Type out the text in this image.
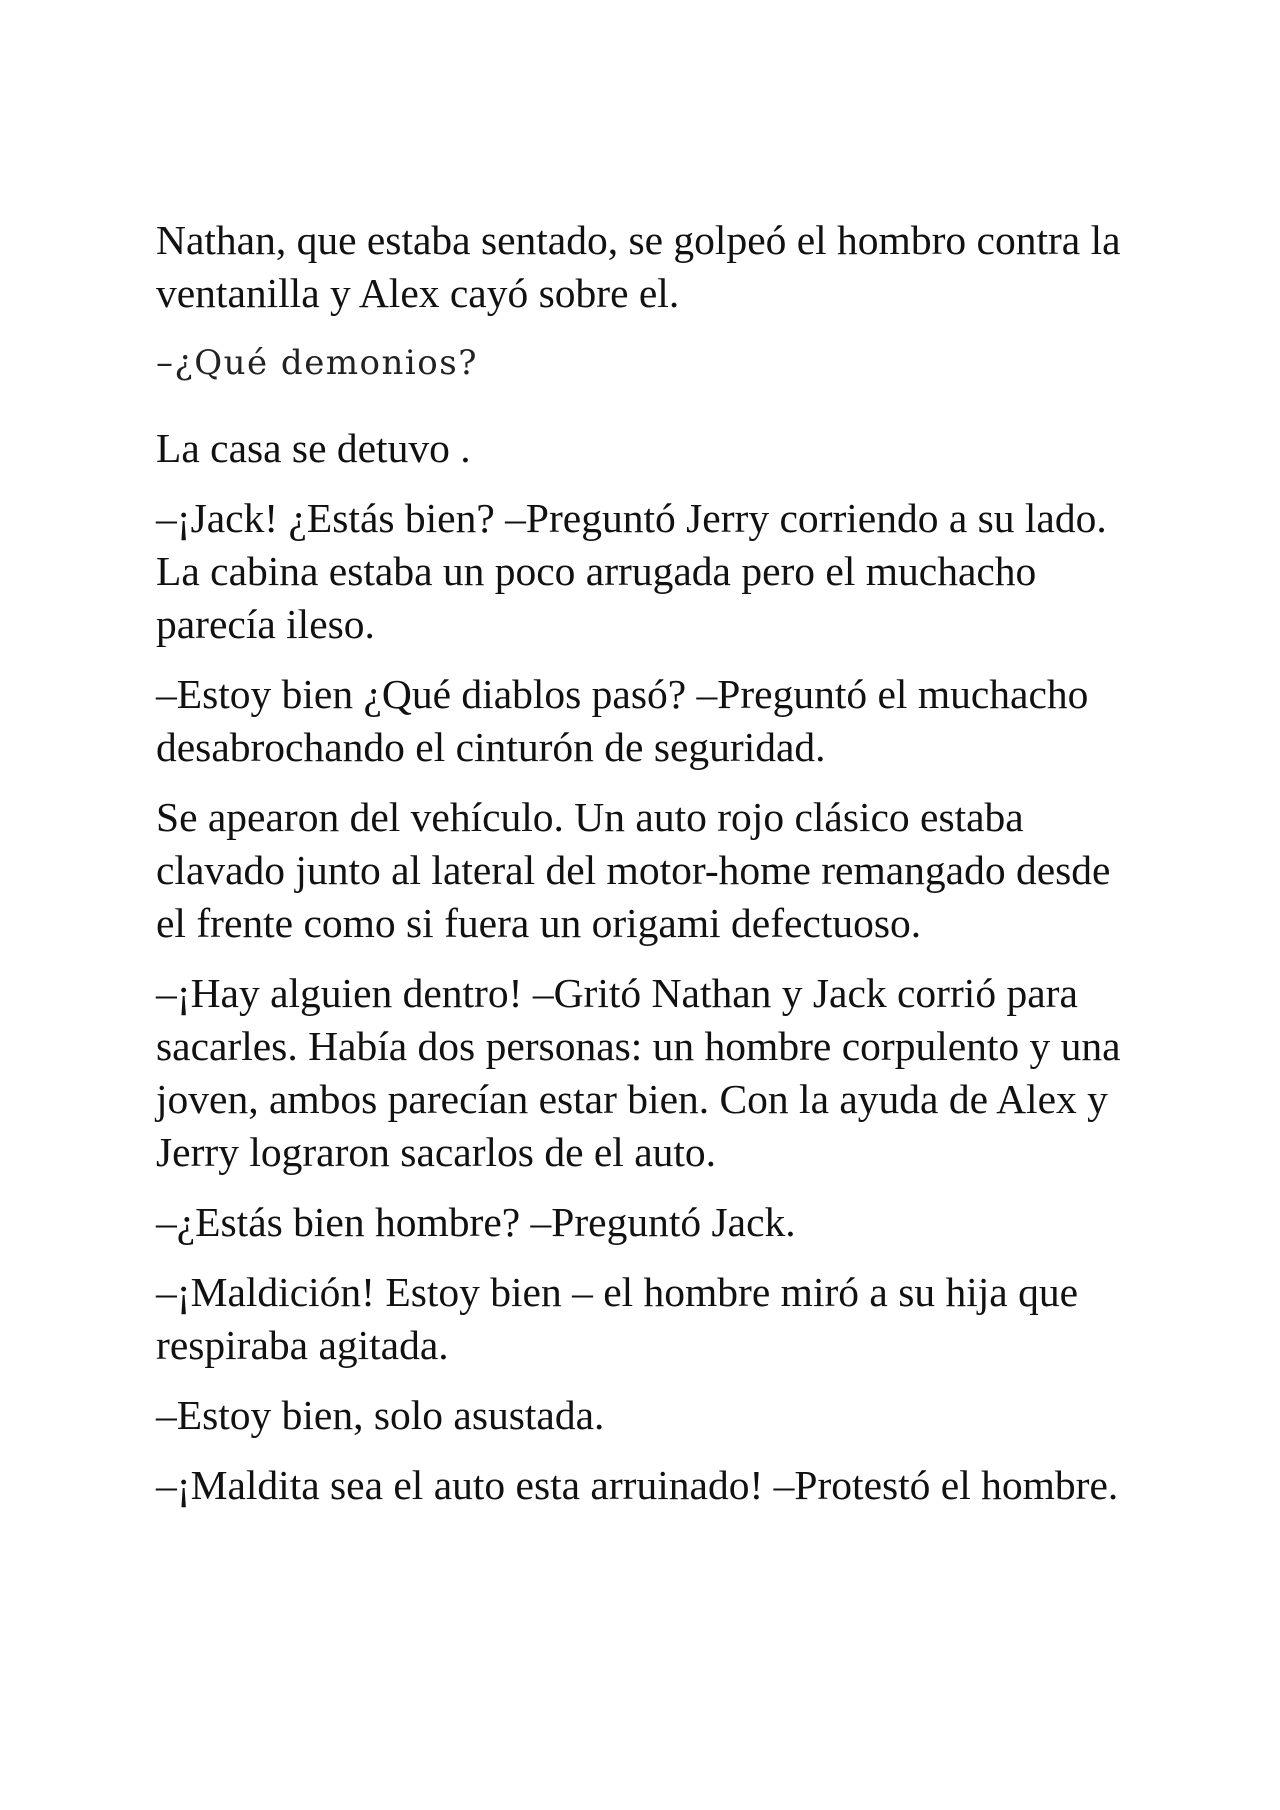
Nathan, que estaba sentado, se golpeó el hombro contra la ventanilla y Alex cayó sobre el.

–¿Qué demonios?

La casa se detuvo .

–¡Jack! ¿Estás bien? –Preguntó Jerry corriendo a su lado. La cabina estaba un poco arrugada pero el muchacho parecía ileso.

–Estoy bien ¿Qué diablos pasó? –Preguntó el muchacho desabrochando el cinturón de seguridad.

Se apearon del vehículo. Un auto rojo clásico estaba clavado junto al lateral del motor-home remangado desde el frente como si fuera un origami defectuoso.

–¡Hay alguien dentro! –Gritó Nathan y Jack corrió para sacarles. Había dos personas: un hombre corpulento y una joven, ambos parecían estar bien. Con la ayuda de Alex y Jerry lograron sacarlos de el auto.

–¿Estás bien hombre? –Preguntó Jack.

–¡Maldición! Estoy bien – el hombre miró a su hija que respiraba agitada.

–Estoy bien, solo asustada.

–¡Maldita sea el auto esta arruinado! –Protestó el hombre.
